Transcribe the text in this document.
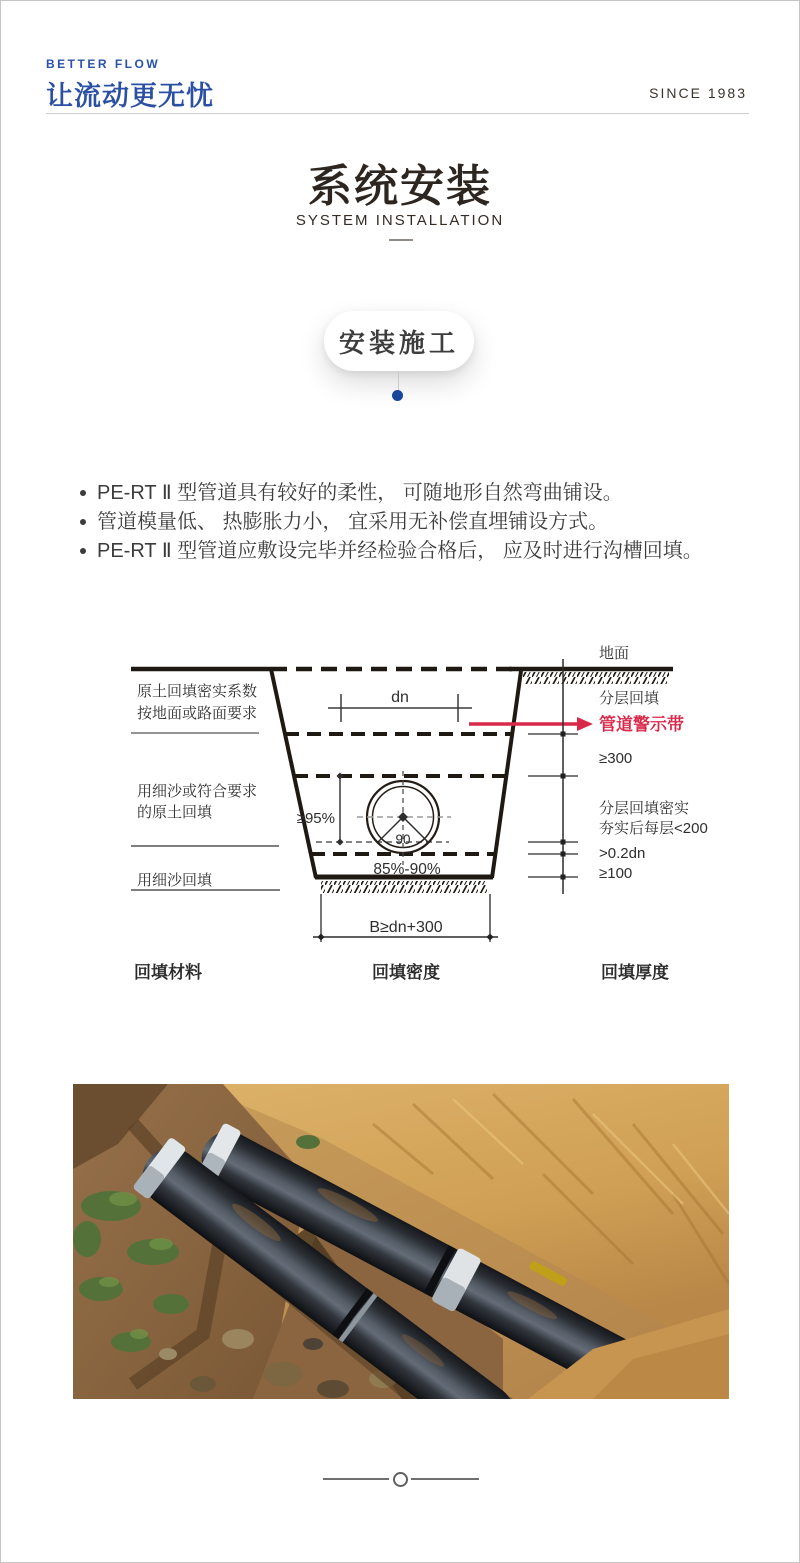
BETTER FLOW
让流动更无忧	SINCE 1983
系统安装
SYSTEM INSTALLATION
安装施工
PE-RT Ⅱ 型管道具有较好的柔性， 可随地形自然弯曲铺设。
管道模量低、 热膨胀力小， 宜采用无补偿直埋铺设方式。
PE-RT Ⅱ 型管道应敷设完毕并经检验合格后， 应及时进行沟槽回填。
地面
dn
90
≥95%
85%-90%
原土回填密实系数
按地面或路面要求
用细沙或符合要求
的原土回填
用细沙回填
分层回填
管道警示带
≥300
分层回填密实
夯实后每层<200
>0.2dn
≥100
B≥dn+300
回填材料	回填密度	回填厚度
